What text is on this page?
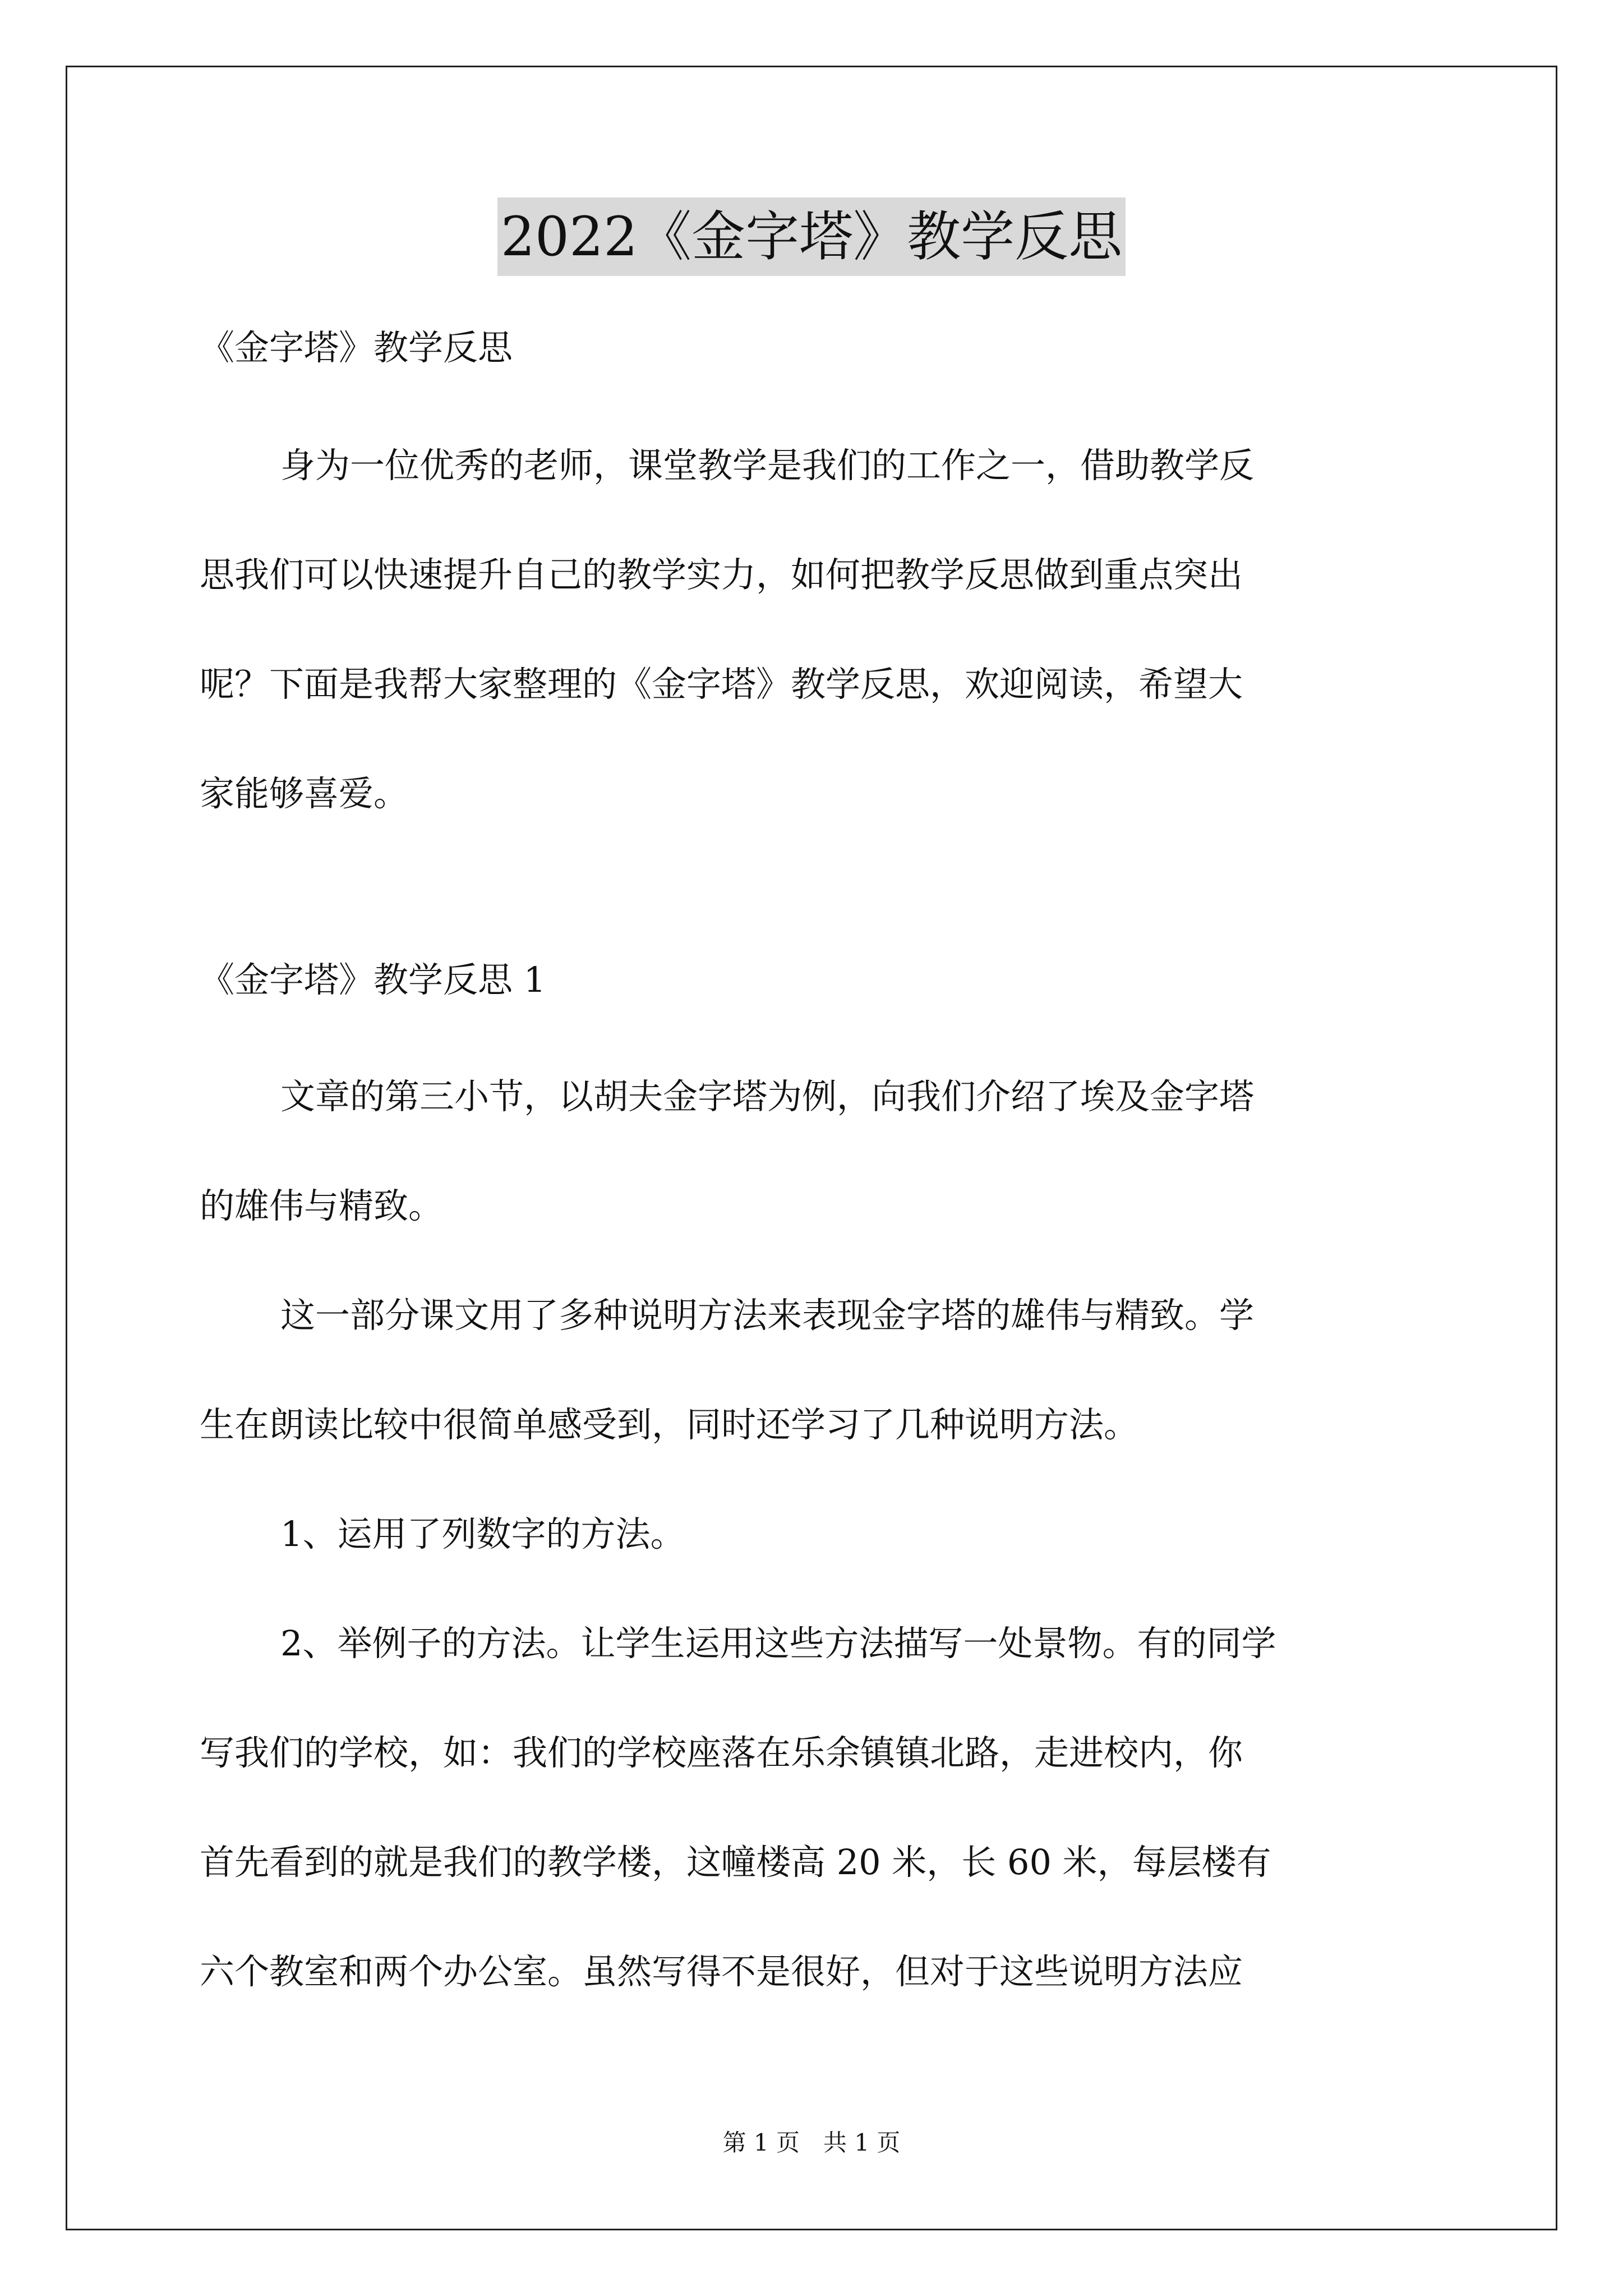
2022《金字塔》教学反思
《金字塔》教学反思
身为一位优秀的老师，课堂教学是我们的工作之一，借助教学反
思我们可以快速提升自己的教学实力，如何把教学反思做到重点突出
呢？下面是我帮大家整理的《金字塔》教学反思，欢迎阅读，希望大
家能够喜爱。
《金字塔》教学反思 1
文章的第三小节，以胡夫金字塔为例，向我们介绍了埃及金字塔
的雄伟与精致。
这一部分课文用了多种说明方法来表现金字塔的雄伟与精致。学
生在朗读比较中很简单感受到，同时还学习了几种说明方法。
1、运用了列数字的方法。
2、举例子的方法。让学生运用这些方法描写一处景物。有的同学
写我们的学校，如：我们的学校座落在乐余镇镇北路，走进校内，你
首先看到的就是我们的教学楼，这幢楼高 20 米，长 60 米，每层楼有
六个教室和两个办公室。虽然写得不是很好，但对于这些说明方法应
第 1 页　共 1 页
